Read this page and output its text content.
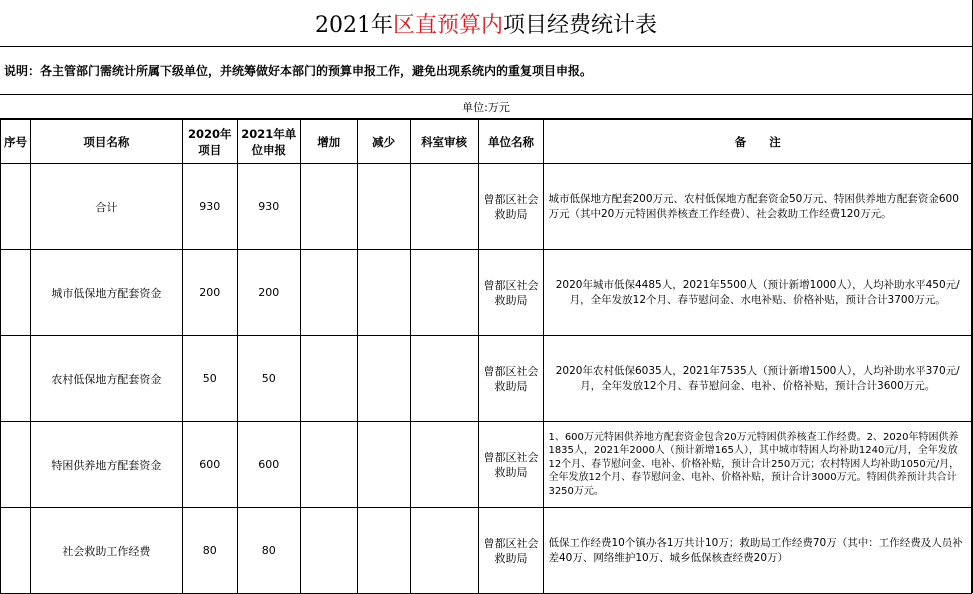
2021年 区直预算内 项目经费统计表
说明：各主管部门需统计所属下级单位，并统筹做好本部门的预算申报工作，避免出现系统内的重复项目申报。
单位:万元
序号	项目名称	2020年项目	2021年单位申报	增加	减少	科室审核	单位名称	备　　注
	合计	930	930				曾都区社会救助局	城市低保地方配套200万元、农村低保地方配套资金50万元、特困供养地方配套资金600万元（其中20万元特困供养核查工作经费）、社会救助工作经费120万元。
	城市低保地方配套资金	200	200				曾都区社会救助局	2020年城市低保4485人，2021年5500人（预计新增1000人），人均补助水平450元/月，全年发放12个月、春节慰问金、水电补贴、价格补贴，预计合计3700万元。
	农村低保地方配套资金	50	50				曾都区社会救助局	2020年农村低保6035人，2021年7535人（预计新增1500人），人均补助水平370元/月，全年发放12个月、春节慰问金、电补、价格补贴，预计合计3600万元。
	特困供养地方配套资金	600	600				曾都区社会救助局	1、600万元特困供养地方配套资金包含20万元特困供养核查工作经费。2、2020年特困供养1835人，2021年2000人（预计新增165人），其中城市特困人均补助1240元/月，全年发放12个月、春节慰问金、电补、价格补贴，预计合计250万元；农村特困人均补助1050元/月，全年发放12个月、春节慰问金、电补、价格补贴，预计合计3000万元。特困供养预计共合计3250万元。
	社会救助工作经费	80	80				曾都区社会救助局	低保工作经费10个镇办各1万共计10万；救助局工作经费70万（其中：工作经费及人员补差40万、网络维护10万、城乡低保核查经费20万）
